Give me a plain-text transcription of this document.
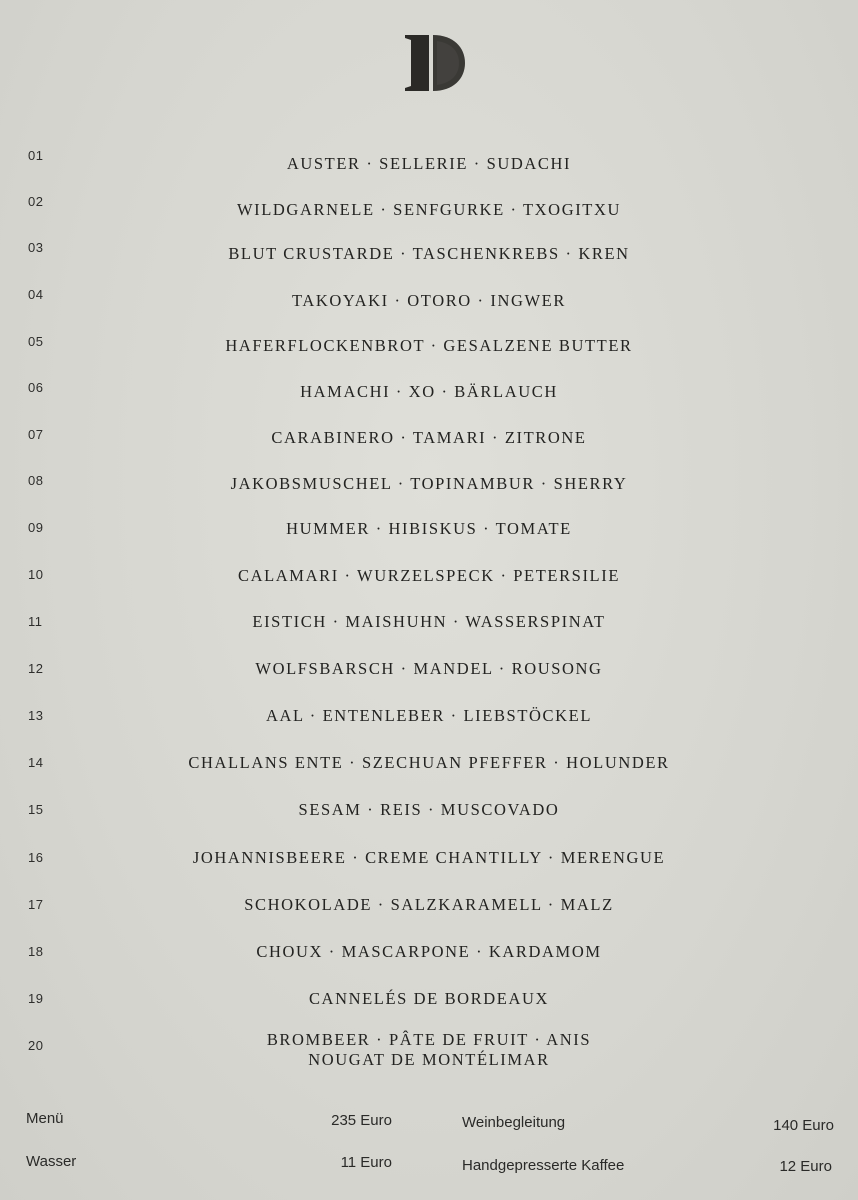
01	AUSTER · SELLERIE · SUDACHI
02	WILDGARNELE · SENFGURKE · TXOGITXU
03	BLUT CRUSTARDE · TASCHENKREBS · KREN
04	TAKOYAKI · OTORO · INGWER
05	HAFERFLOCKENBROT · GESALZENE BUTTER
06	HAMACHI · XO · BÄRLAUCH
07	CARABINERO · TAMARI · ZITRONE
08	JAKOBSMUSCHEL · TOPINAMBUR · SHERRY
09	HUMMER · HIBISKUS · TOMATE
10	CALAMARI · WURZELSPECK · PETERSILIE
11	EISTICH · MAISHUHN · WASSERSPINAT
12	WOLFSBARSCH · MANDEL · ROUSONG
13	AAL · ENTENLEBER · LIEBSTÖCKEL
14	CHALLANS ENTE · SZECHUAN PFEFFER · HOLUNDER
15	SESAM · REIS · MUSCOVADO
16	JOHANNISBEERE · CREME CHANTILLY · MERENGUE
17	SCHOKOLADE · SALZKARAMELL · MALZ
18	CHOUX · MASCARPONE · KARDAMOM
19	CANNELÉS DE BORDEAUX
20	BROMBEER · PÂTE DE FRUIT · ANIS
NOUGAT DE MONTÉLIMAR
Menü	235 Euro	Weinbegleitung	140 Euro
Wasser	11 Euro	Handgepresserte Kaffee	12 Euro
